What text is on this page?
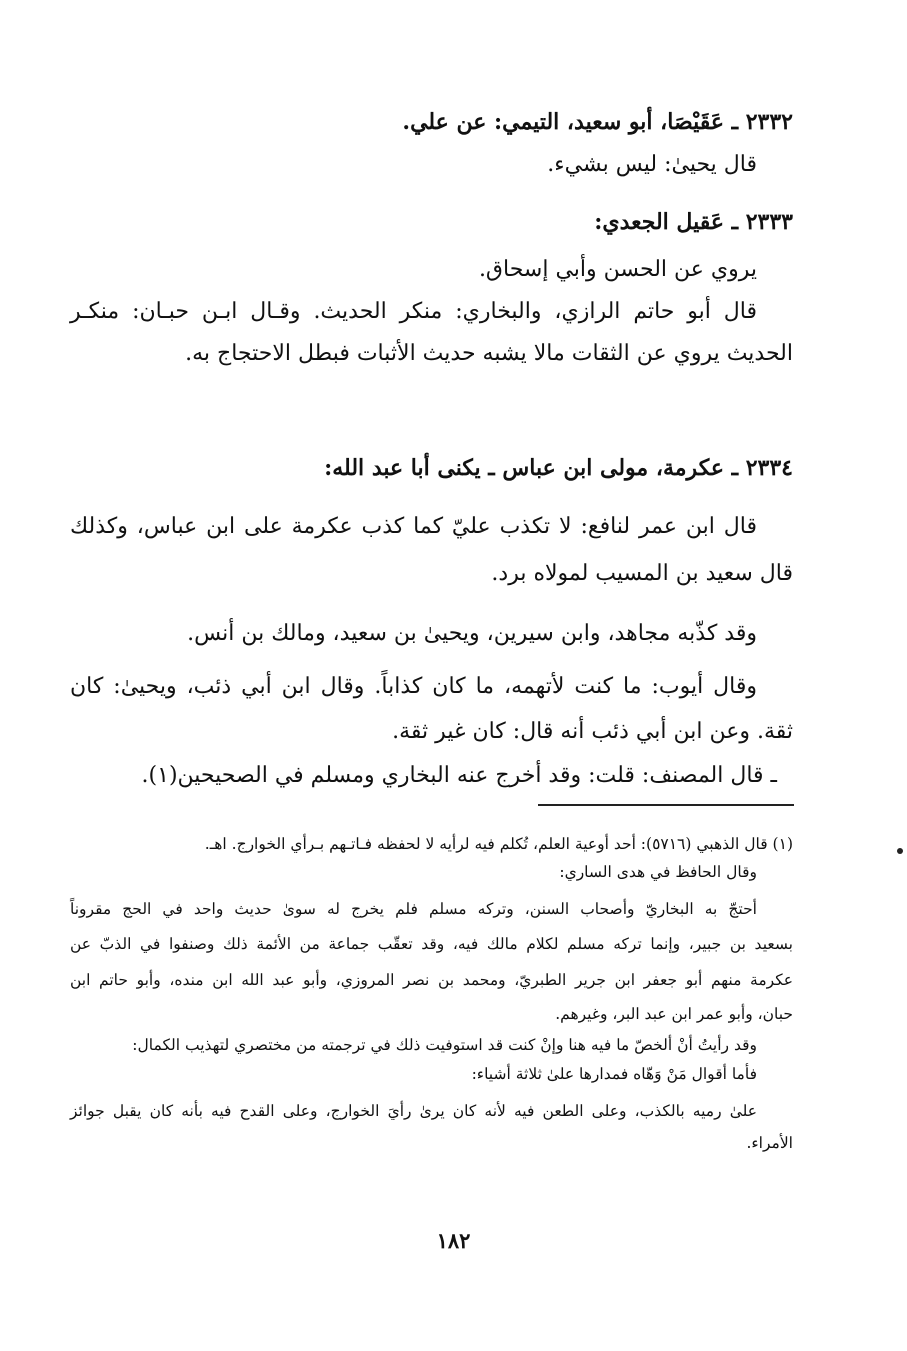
٢٣٣٢ ـ عَقَيْصَا، أبو سعيد، التيمي: عن علي.
قال يحيىٰ: ليس بشيء.
٢٣٣٣ ـ عَقيل الجعدي:
يروي عن الحسن وأبي إسحاق.
قال أبو حاتم الرازي، والبخاري: منكر الحديث. وقـال ابـن حبـان: منكـر
الحديث يروي عن الثقات مالا يشبه حديث الأثبات فبطل الاحتجاج به.
٢٣٣٤ ـ عكرمة، مولى ابن عباس ـ يكنى أبا عبد الله:
قال ابن عمر لنافع: لا تكذب عليّ كما كذب عكرمة على ابن عباس، وكذلك
قال سعيد بن المسيب لمولاه برد.
وقد كذّبه مجاهد، وابن سيرين، ويحيىٰ بن سعيد، ومالك بن أنس.
وقال أيوب: ما كنت لأتهمه، ما كان كذاباً. وقال ابن أبي ذئب، ويحيىٰ: كان
ثقة. وعن ابن أبي ذئب أنه قال: كان غير ثقة.
ـ قال المصنف: قلت: وقد أخرج عنه البخاري ومسلم في الصحيحين(١).
(١) قال الذهبي (٥٧١٦): أحد أوعية العلم، تُكلم فيه لرأيه لا لحفظه فـاتـهم بـرأي الخوارج. اهـ.
وقال الحافظ في هدى الساري:
أحتجّ به البخاريّ وأصحاب السنن، وتركه مسلم فلم يخرج له سوىٰ حديث واحد في الحج مقروناً
بسعيد بن جبير، وإنما تركه مسلم لكلام مالك فيه، وقد تعقّب جماعة من الأئمة ذلك وصنفوا في الذبّ عن
عكرمة منهم أبو جعفر ابن جرير الطبريّ، ومحمد بن نصر المروزي، وأبو عبد الله ابن منده، وأبو حاتم ابن
حبان، وأبو عمر ابن عبد البر، وغيرهم.
وقد رأيتُ أنْ ألخصّ ما فيه هنا وإنْ كنت قد استوفيت ذلك في ترجمته من مختصري لتهذيب الكمال:
فأما أقوال مَنْ وَهّاه فمدارها علىٰ ثلاثة أشياء:
علىٰ رميه بالكذب، وعلى الطعن فيه لأنه كان يرىٰ رأيَ الخوارج، وعلى القدح فيه بأنه كان يقبل جوائز
الأمراء.
١٨٢
